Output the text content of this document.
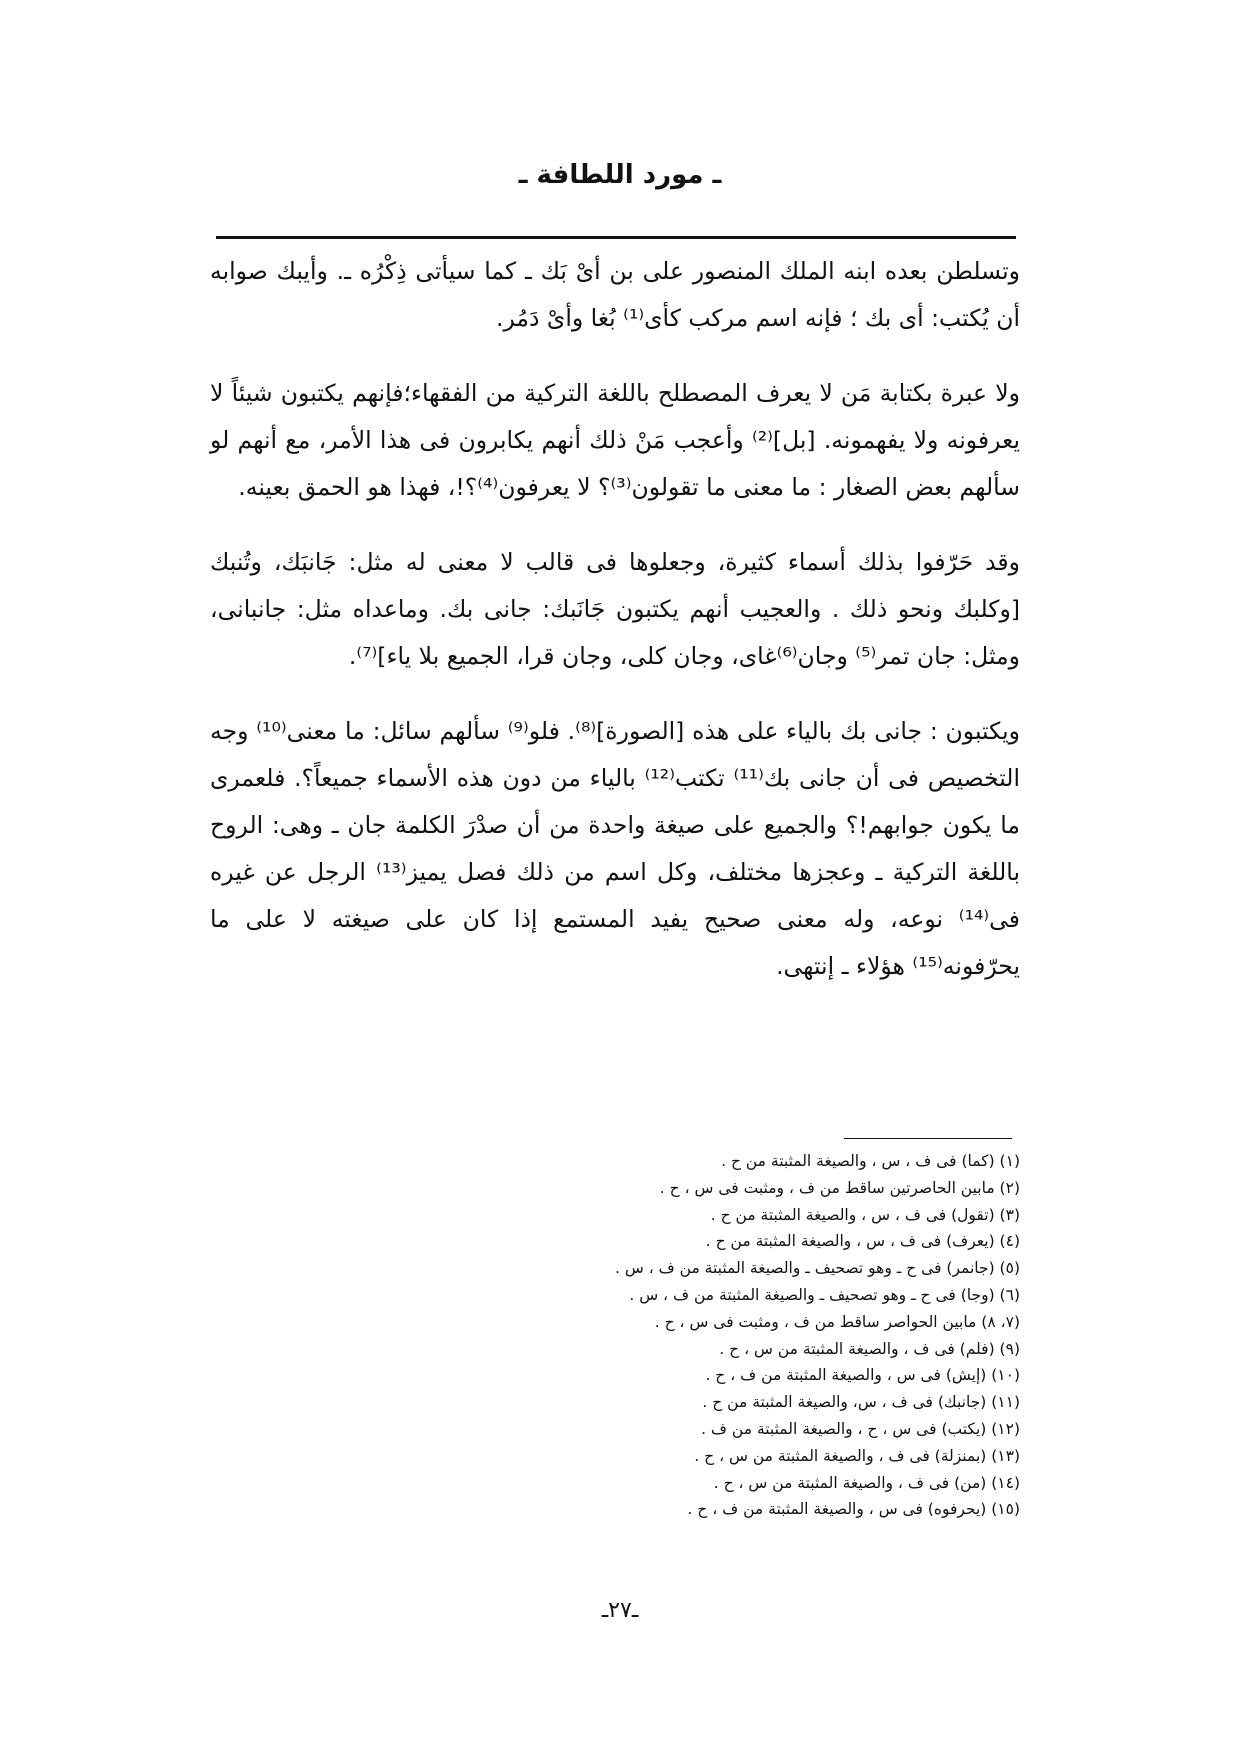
ـ مورد اللطافة ـ

وتسلطن بعده ابنه الملك المنصور على بن أىْ بَك ـ كما سيأتى ذِكْرُه ـ. وأيبك صوابه أن يُكتب: أى بك ؛ فإنه اسم مركب كأى⁽¹⁾ بُغا وأىْ دَمُر.

ولا عبرة بكتابة مَن لا يعرف المصطلح باللغة التركية من الفقهاء؛فإنهم يكتبون شيئاً لا يعرفونه ولا يفهمونه. [بل]⁽²⁾ وأعجب مَنْ ذلك أنهم يكابرون فى هذا الأمر، مع أنهم لو سألهم بعض الصغار : ما معنى ما تقولون⁽³⁾؟ لا يعرفون⁽⁴⁾؟!، فهذا هو الحمق بعينه.

وقد حَرّفوا بذلك أسماء كثيرة، وجعلوها فى قالب لا معنى له مثل: جَانبَك، وتُنبك [وكلبك ونحو ذلك . والعجيب أنهم يكتبون جَانَبك: جانى بك. وماعداه مثل: جانبانى، ومثل: جان تمر⁽⁵⁾ وجان⁽⁶⁾غاى، وجان كلى، وجان قرا، الجميع بلا ياء]⁽⁷⁾.

ويكتبون : جانى بك بالياء على هذه [الصورة]⁽⁸⁾. فلو⁽⁹⁾ سألهم سائل: ما معنى⁽¹⁰⁾ وجه التخصيص فى أن جانى بك⁽¹¹⁾ تكتب⁽¹²⁾ بالياء من دون هذه الأسماء جميعاً؟. فلعمرى ما يكون جوابهم!؟ والجميع على صيغة واحدة من أن صدْرَ الكلمة جان ـ وهى: الروح باللغة التركية ـ وعجزها مختلف، وكل اسم من ذلك فصل يميز⁽¹³⁾ الرجل عن غيره فى⁽¹⁴⁾ نوعه، وله معنى صحيح يفيد المستمع إذا كان على صيغته لا على ما يحرّفونه⁽¹⁵⁾ هؤلاء ـ إنتهى.

(١) (كما) فى ف ، س ، والصيغة المثبتة من ح .
(٢) مابين الحاصرتين ساقط من ف ، ومثبت فى س ، ح .
(٣) (تقول) فى ف ، س ، والصيغة المثبتة من ح .
(٤) (يعرف) فى ف ، س ، والصيغة المثبتة من ح .
(٥) (جانمر) فى ح ـ وهو تصحيف ـ والصيغة المثبتة من ف ، س .
(٦) (وجا) فى ح ـ وهو تصحيف ـ والصيغة المثبتة من ف ، س .
(٧، ٨) مابين الحواصر ساقط من ف ، ومثبت فى س ، ح .
(٩) (فلم) فى ف ، والصيغة المثبتة من س ، ح .
(١٠) (إيش) فى س ، والصيغة المثبتة من ف ، ح .
(١١) (جانبك) فى ف ، س، والصيغة المثبتة من ح .
(١٢) (يكتب) فى س ، ح ، والصيغة المثبتة من ف .
(١٣) (بمنزلة) فى ف ، والصيغة المثبتة من س ، ح .
(١٤) (من) فى ف ، والصيغة المثبتة من س ، ح .
(١٥) (يحرفوه) فى س ، والصيغة المثبتة من ف ، ح .
ـ٢٧ـ
